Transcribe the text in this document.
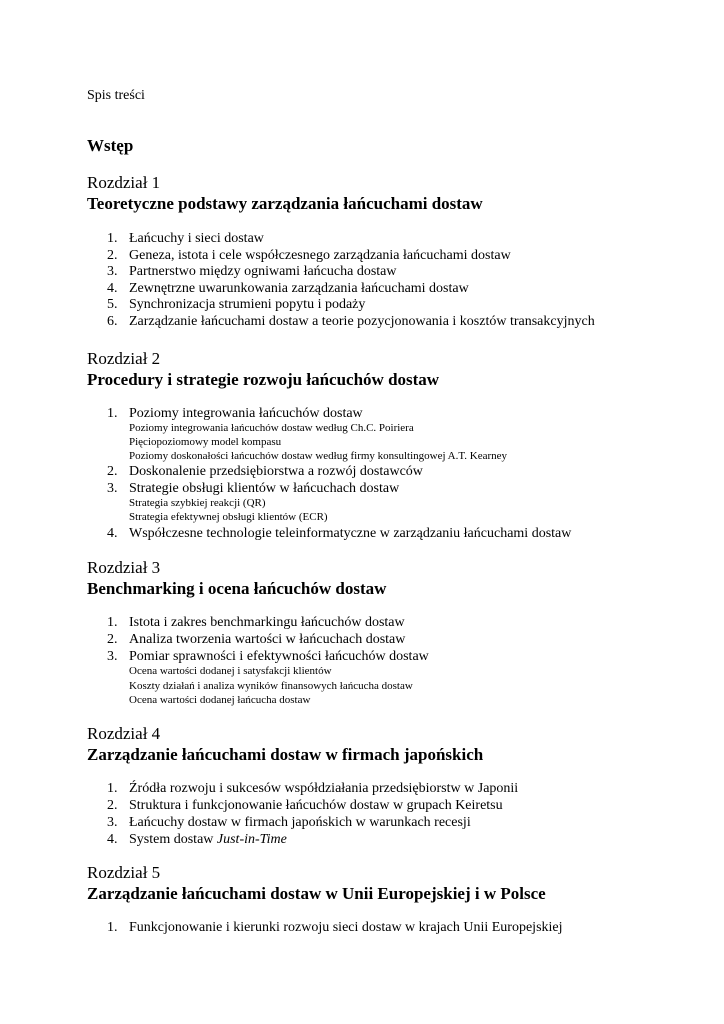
Spis treści
Wstęp
Rozdział 1
Teoretyczne podstawy zarządzania łańcuchami dostaw
1. Łańcuchy i sieci dostaw
2. Geneza, istota i cele współczesnego zarządzania łańcuchami dostaw
3. Partnerstwo między ogniwami łańcucha dostaw
4. Zewnętrzne uwarunkowania zarządzania łańcuchami dostaw
5. Synchronizacja strumieni popytu i podaży
6. Zarządzanie łańcuchami dostaw a teorie pozycjonowania i kosztów transakcyjnych
Rozdział 2
Procedury i strategie rozwoju łańcuchów dostaw
1. Poziomy integrowania łańcuchów dostaw
Poziomy integrowania łańcuchów dostaw według Ch.C. Poiriera
Pięciopoziomowy model kompasu
Poziomy doskonałości łańcuchów dostaw według firmy konsultingowej A.T. Kearney
2. Doskonalenie przedsiębiorstwa a rozwój dostawców
3. Strategie obsługi klientów w łańcuchach dostaw
Strategia szybkiej reakcji (QR)
Strategia efektywnej obsługi klientów (ECR)
4. Współczesne technologie teleinformatyczne w zarządzaniu łańcuchami dostaw
Rozdział 3
Benchmarking i ocena łańcuchów dostaw
1. Istota i zakres benchmarkingu łańcuchów dostaw
2. Analiza tworzenia wartości w łańcuchach dostaw
3. Pomiar sprawności i efektywności łańcuchów dostaw
Ocena wartości dodanej i satysfakcji klientów
Koszty działań i analiza wyników finansowych łańcucha dostaw
Ocena wartości dodanej łańcucha dostaw
Rozdział 4
Zarządzanie łańcuchami dostaw w firmach japońskich
1. Źródła rozwoju i sukcesów współdziałania przedsiębiorstw w Japonii
2. Struktura i funkcjonowanie łańcuchów dostaw w grupach Keiretsu
3. Łańcuchy dostaw w firmach japońskich w warunkach recesji
4. System dostaw Just-in-Time
Rozdział 5
Zarządzanie łańcuchami dostaw w Unii Europejskiej i w Polsce
1. Funkcjonowanie i kierunki rozwoju sieci dostaw w krajach Unii Europejskiej
